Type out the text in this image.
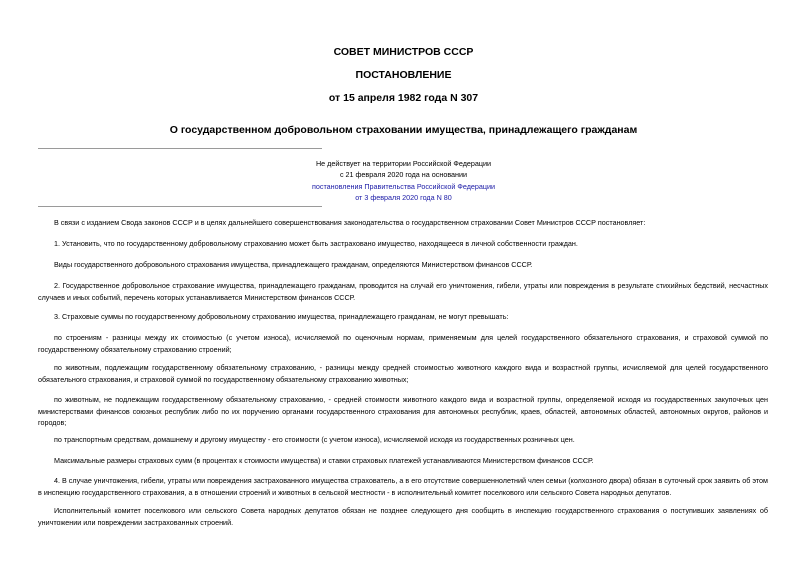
СОВЕТ МИНИСТРОВ СССР
ПОСТАНОВЛЕНИЕ
от 15 апреля 1982 года N 307
О государственном добровольном страховании имущества, принадлежащего гражданам
Не действует на территории Российской Федерации
с 21 февраля 2020 года на основании
постановления Правительства Российской Федерации
от 3 февраля 2020 года N 80

В связи с изданием Свода законов СССР и в целях дальнейшего совершенствования законодательства о государственном страховании Совет Министров СССР постановляет:

1. Установить, что по государственному добровольному страхованию может быть застраховано имущество, находящееся в личной собственности граждан.

Виды государственного добровольного страхования имущества, принадлежащего гражданам, определяются Министерством финансов СССР.

2. Государственное добровольное страхование имущества, принадлежащего гражданам, проводится на случай его уничтожения, гибели, утраты или повреждения в результате стихийных бедствий, несчастных случаев и иных событий, перечень которых устанавливается Министерством финансов СССР.

3. Страховые суммы по государственному добровольному страхованию имущества, принадлежащего гражданам, не могут превышать:

по строениям - разницы между их стоимостью (с учетом износа), исчисляемой по оценочным нормам, применяемым для целей государственного обязательного страхования, и страховой суммой по государственному обязательному страхованию строений;

по животным, подлежащим государственному обязательному страхованию, - разницы между средней стоимостью животного каждого вида и возрастной группы, исчисляемой для целей государственного обязательного страхования, и страховой суммой по государственному обязательному страхованию животных;

по животным, не подлежащим государственному обязательному страхованию, - средней стоимости животного каждого вида и возрастной группы, определяемой исходя из государственных закупочных цен министерствами финансов союзных республик либо по их поручению органами государственного страхования для автономных республик, краев, областей, автономных областей, автономных округов, районов и городов;

по транспортным средствам, домашнему и другому имуществу - его стоимости (с учетом износа), исчисляемой исходя из государственных розничных цен.

Максимальные размеры страховых сумм (в процентах к стоимости имущества) и ставки страховых платежей устанавливаются Министерством финансов СССР.

4. В случае уничтожения, гибели, утраты или повреждения застрахованного имущества страхователь, а в его отсутствие совершеннолетний член семьи (колхозного двора) обязан в суточный срок заявить об этом в инспекцию государственного страхования, а в отношении строений и животных в сельской местности - в исполнительный комитет поселкового или сельского Совета народных депутатов.

Исполнительный комитет поселкового или сельского Совета народных депутатов обязан не позднее следующего дня сообщить в инспекцию государственного страхования о поступивших заявлениях об уничтожении или повреждении застрахованных строений.
